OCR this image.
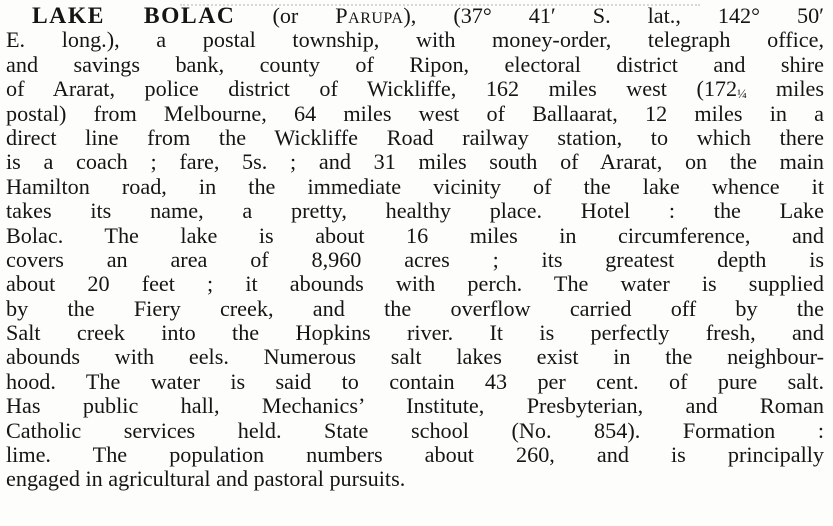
LAKE BOLAC (or Parupa), (37° 41′ S. lat., 142° 50′
E. long.), a postal township, with money-order, telegraph office,
and savings bank, county of Ripon, electoral district and shire
of Ararat, police district of Wickliffe, 162 miles west (172¼ miles
postal) from Melbourne, 64 miles west of Ballaarat, 12 miles in a
direct line from the Wickliffe Road railway station, to which there
is a coach ; fare, 5s. ; and 31 miles south of Ararat, on the main
Hamilton road, in the immediate vicinity of the lake whence it
takes its name, a pretty, healthy place. Hotel : the Lake
Bolac. The lake is about 16 miles in circumference, and
covers an area of 8,960 acres ; its greatest depth is
about 20 feet ; it abounds with perch. The water is supplied
by the Fiery creek, and the overflow carried off by the
Salt creek into the Hopkins river. It is perfectly fresh, and
abounds with eels. Numerous salt lakes exist in the neighbour-
hood. The water is said to contain 43 per cent. of pure salt.
Has public hall, Mechanics’ Institute, Presbyterian, and Roman
Catholic services held. State school (No. 854). Formation :
lime. The population numbers about 260, and is principally
engaged in agricultural and pastoral pursuits.
